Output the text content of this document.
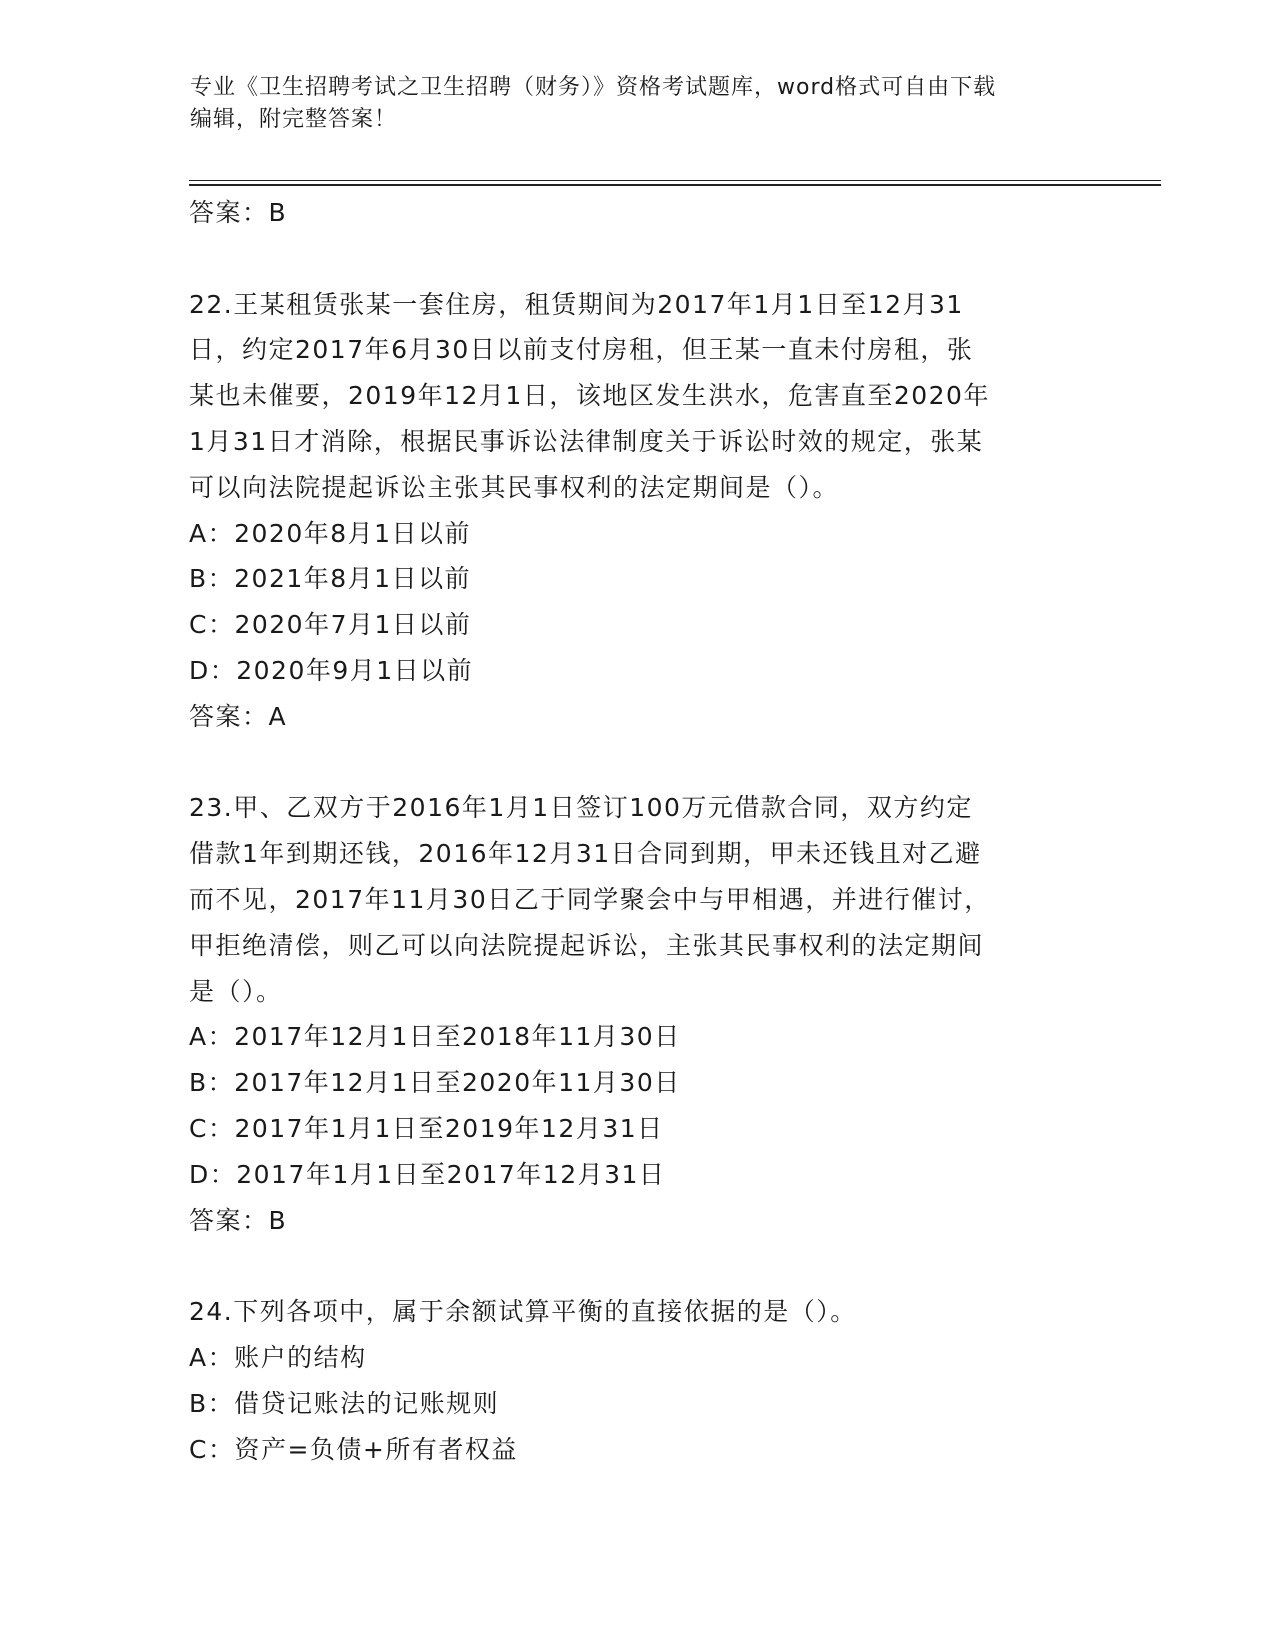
专业《卫生招聘考试之卫生招聘（财务）》资格考试题库，word格式可自由下载
编辑，附完整答案！
答案：B
22.王某租赁张某一套住房，租赁期间为2017年1月1日至12月31
日，约定2017年6月30日以前支付房租，但王某一直未付房租，张
某也未催要，2019年12月1日，该地区发生洪水，危害直至2020年
1月31日才消除，根据民事诉讼法律制度关于诉讼时效的规定，张某
可以向法院提起诉讼主张其民事权利的法定期间是（）。
A：2020年8月1日以前
B：2021年8月1日以前
C：2020年7月1日以前
D：2020年9月1日以前
答案：A
23.甲、乙双方于2016年1月1日签订100万元借款合同，双方约定
借款1年到期还钱，2016年12月31日合同到期，甲未还钱且对乙避
而不见，2017年11月30日乙于同学聚会中与甲相遇，并进行催讨，
甲拒绝清偿，则乙可以向法院提起诉讼，主张其民事权利的法定期间
是（）。
A：2017年12月1日至2018年11月30日
B：2017年12月1日至2020年11月30日
C：2017年1月1日至2019年12月31日
D：2017年1月1日至2017年12月31日
答案：B
24.下列各项中，属于余额试算平衡的直接依据的是（）。
A：账户的结构
B：借贷记账法的记账规则
C：资产=负债+所有者权益
